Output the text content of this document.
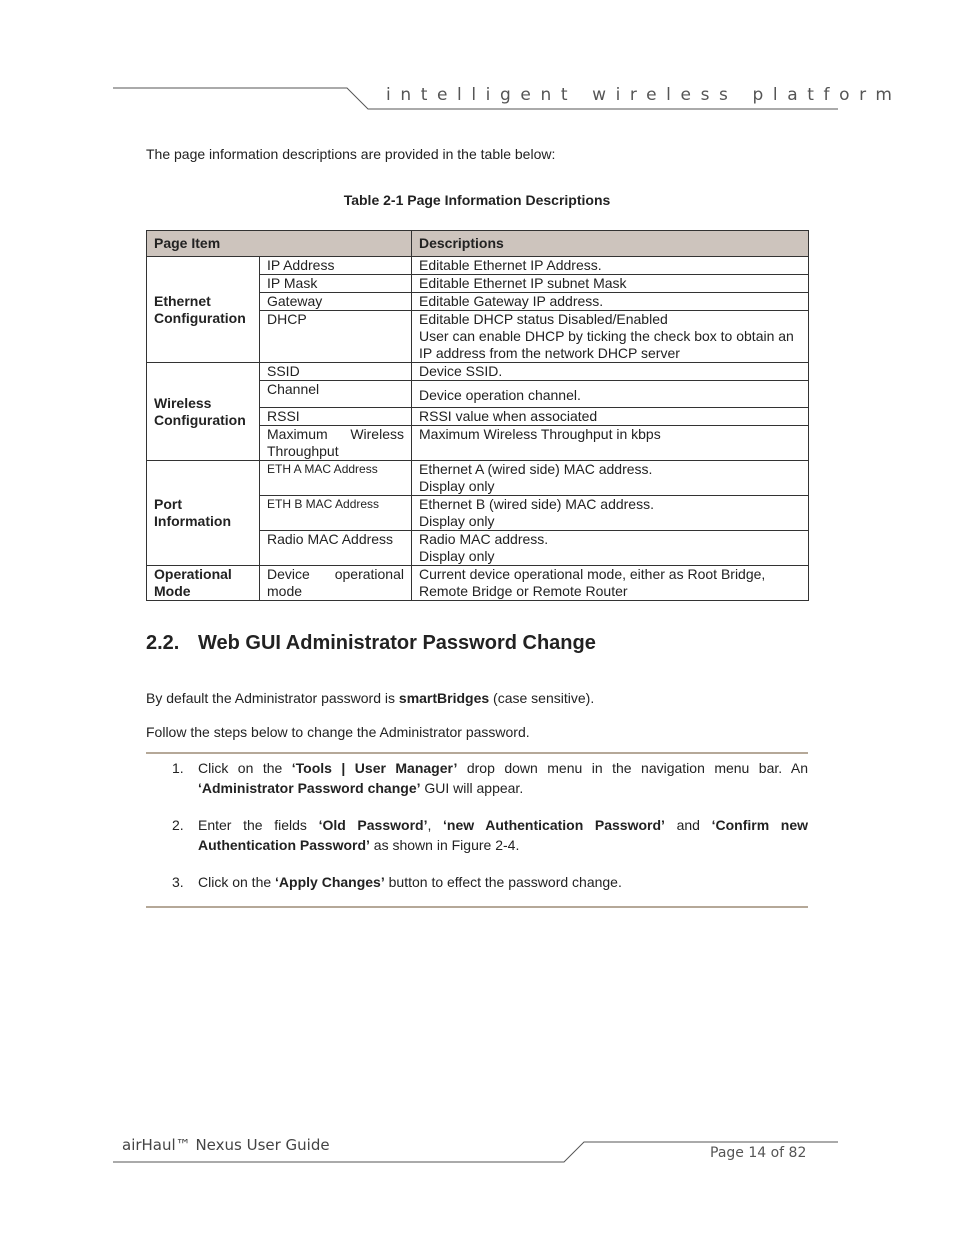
intelligent wireless platform
The page information descriptions are provided in the table below:
Table 2-1 Page Information Descriptions
Page Item		Descriptions
Ethernet Configuration	IP Address	Editable Ethernet IP Address.
	IP Mask	Editable Ethernet IP subnet Mask
	Gateway	Editable Gateway IP address.
	DHCP	Editable DHCP status Disabled/Enabled
User can enable DHCP by ticking the check box to obtain an IP address from the network DHCP server
Wireless Configuration	SSID	Device SSID.
	Channel	Device operation channel.
	RSSI	RSSI value when associated
	Maximum Wireless Throughput	Maximum Wireless Throughput in kbps
Port Information	ETH A MAC Address	Ethernet A (wired side) MAC address.
Display only
	ETH B MAC Address	Ethernet B (wired side) MAC address.
Display only
	Radio MAC Address	Radio MAC address.
Display only
Operational Mode	Device operational mode	Current device operational mode, either as Root Bridge, Remote Bridge or Remote Router
2.2. Web GUI Administrator Password Change
By default the Administrator password is smartBridges (case sensitive).
Follow the steps below to change the Administrator password.
1. Click on the ‘Tools | User Manager’ drop down menu in the navigation menu bar. An ‘Administrator Password change’ GUI will appear.
2. Enter the fields ‘Old Password’, ‘new Authentication Password’ and ‘Confirm new Authentication Password’ as shown in Figure 2-4.
3. Click on the ‘Apply Changes’ button to effect the password change.
airHaul™ Nexus User Guide	Page 14 of 82
